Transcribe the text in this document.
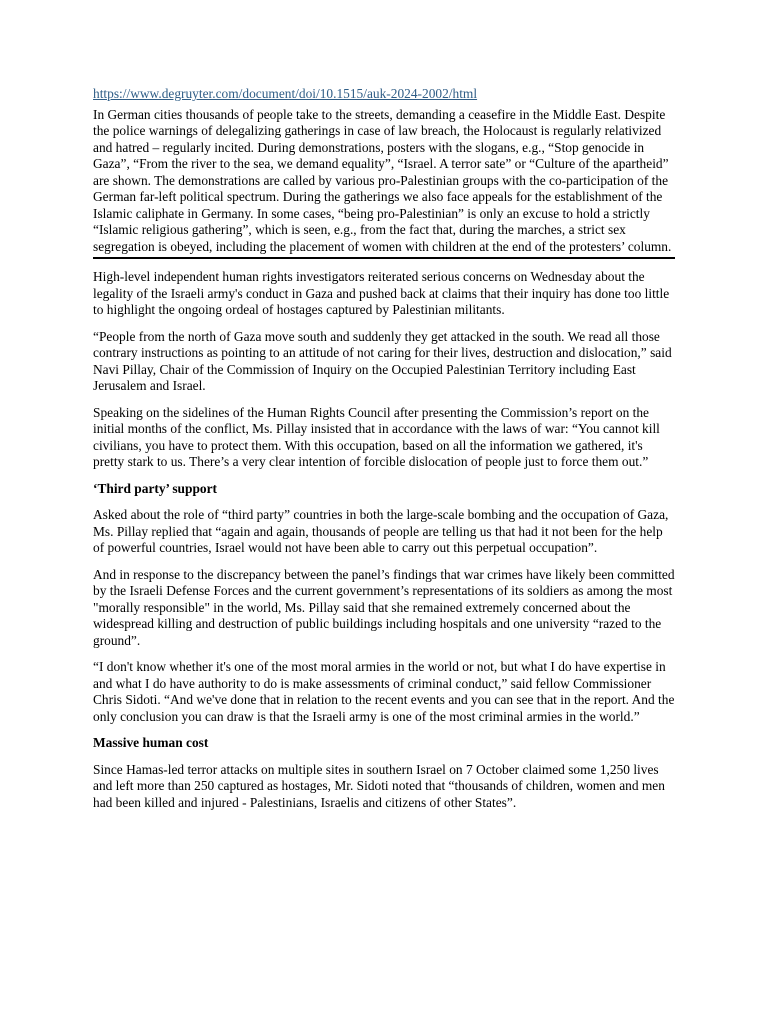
https://www.degruyter.com/document/doi/10.1515/auk-2024-2002/html

In German cities thousands of people take to the streets, demanding a ceasefire in the Middle East. Despite the police warnings of delegalizing gatherings in case of law breach, the Holocaust is regularly relativized and hatred – regularly incited. During demonstrations, posters with the slogans, e.g., “Stop genocide in Gaza”, “From the river to the sea, we demand equality”, “Israel. A terror sate” or “Culture of the apartheid” are shown. The demonstrations are called by various pro-Palestinian groups with the co-participation of the German far-left political spectrum. During the gatherings we also face appeals for the establishment of the Islamic caliphate in Germany. In some cases, “being pro-Palestinian” is only an excuse to hold a strictly “Islamic religious gathering”, which is seen, e.g., from the fact that, during the marches, a strict sex segregation is obeyed, including the placement of women with children at the end of the protesters’ column.

High-level independent human rights investigators reiterated serious concerns on Wednesday about the legality of the Israeli army's conduct in Gaza and pushed back at claims that their inquiry has done too little to highlight the ongoing ordeal of hostages captured by Palestinian militants.

“People from the north of Gaza move south and suddenly they get attacked in the south. We read all those contrary instructions as pointing to an attitude of not caring for their lives, destruction and dislocation,” said Navi Pillay, Chair of the Commission of Inquiry on the Occupied Palestinian Territory including East Jerusalem and Israel.

Speaking on the sidelines of the Human Rights Council after presenting the Commission’s report on the initial months of the conflict, Ms. Pillay insisted that in accordance with the laws of war: “You cannot kill civilians, you have to protect them. With this occupation, based on all the information we gathered, it's pretty stark to us. There’s a very clear intention of forcible dislocation of people just to force them out.”

‘Third party’ support

Asked about the role of “third party” countries in both the large-scale bombing and the occupation of Gaza, Ms. Pillay replied that “again and again, thousands of people are telling us that had it not been for the help of powerful countries, Israel would not have been able to carry out this perpetual occupation”.

And in response to the discrepancy between the panel’s findings that war crimes have likely been committed by the Israeli Defense Forces and the current government’s representations of its soldiers as among the most "morally responsible" in the world, Ms. Pillay said that she remained extremely concerned about the widespread killing and destruction of public buildings including hospitals and one university “razed to the ground”.

“I don't know whether it's one of the most moral armies in the world or not, but what I do have expertise in and what I do have authority to do is make assessments of criminal conduct,” said fellow Commissioner Chris Sidoti. “And we've done that in relation to the recent events and you can see that in the report. And the only conclusion you can draw is that the Israeli army is one of the most criminal armies in the world.”

Massive human cost

Since Hamas-led terror attacks on multiple sites in southern Israel on 7 October claimed some 1,250 lives and left more than 250 captured as hostages, Mr. Sidoti noted that “thousands of children, women and men had been killed and injured - Palestinians, Israelis and citizens of other States”.
